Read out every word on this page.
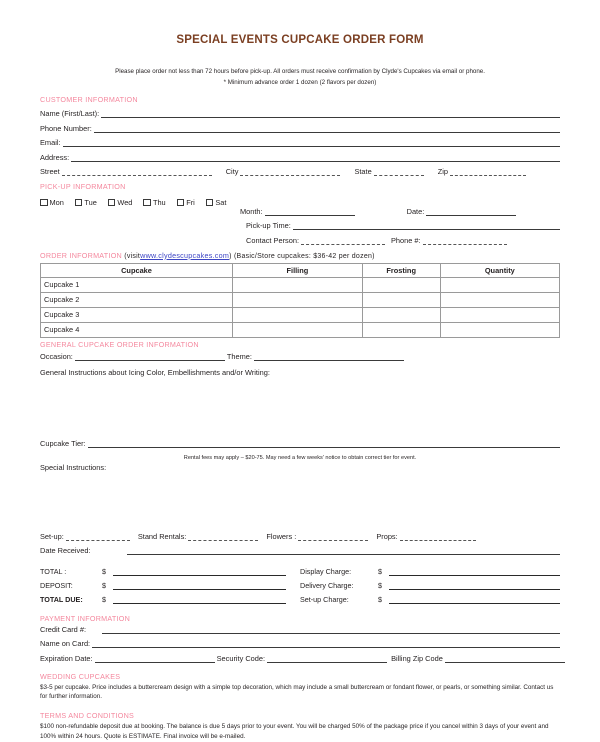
SPECIAL EVENTS CUPCAKE ORDER FORM
Please place order not less than 72 hours before pick-up. All orders must receive confirmation by Clyde's Cupcakes via email or phone.
* Minimum advance order 1 dozen (2 flavors per dozen)
CUSTOMER INFORMATION
Name (First/Last):
Phone Number:
Email:
Address:
Street	City	State	Zip
PICK-UP INFORMATION
Mon	Tue	Wed	Thu	Fri	Sat
Month:	Date:
Pick-up Time:
Contact Person:	Phone #:
ORDER INFORMATION (visitwww.clydescupcakes.com) (Basic/Store cupcakes: $36-42 per dozen)
Cupcake	Filling	Frosting	Quantity
Cupcake 1			
Cupcake 2			
Cupcake 3			
Cupcake 4			
GENERAL CUPCAKE ORDER INFORMATION
Occasion:	Theme:
General Instructions about Icing Color, Embellishments and/or Writing:
Cupcake Tier:
Rental fees may apply – $20-75. May need a few weeks' notice to obtain correct tier for event.
Special Instructions:
Set-up:	Stand Rentals:	Flowers :	Props:
Date Received:
TOTAL :	$
DEPOSIT:	$
TOTAL DUE:	$
Display Charge:	$
Delivery Charge:	$
Set-up Charge:	$
PAYMENT INFORMATION
Credit Card #:
Name on Card:
Expiration Date:	Security Code:	Billing Zip Code
WEDDING CUPCAKES
$3-5 per cupcake. Price includes a buttercream design with a simple top decoration, which may include a small buttercream or fondant flower, or pearls, or something similar. Contact us for further information.
TERMS AND CONDITIONS
$100 non-refundable deposit due at booking. The balance is due 5 days prior to your event. You will be charged 50% of the package price if you cancel within 3 days of your event and 100% within 24 hours. Quote is ESTIMATE. Final invoice will be e-mailed.
